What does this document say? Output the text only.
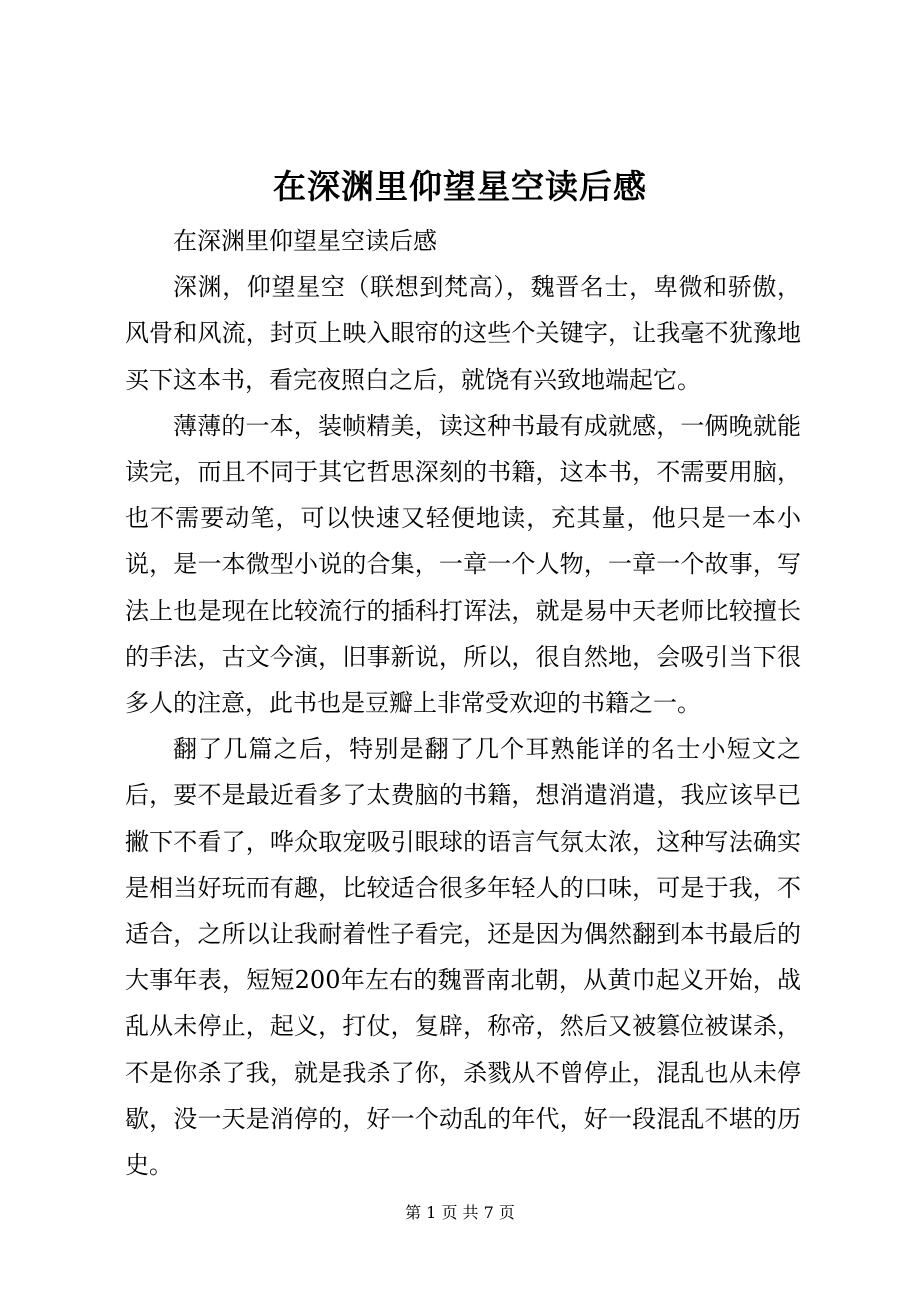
在深渊里仰望星空读后感

在深渊里仰望星空读后感

深渊，仰望星空（联想到梵高），魏晋名士，卑微和骄傲，风骨和风流，封页上映入眼帘的这些个关键字，让我毫不犹豫地买下这本书，看完夜照白之后，就饶有兴致地端起它。

薄薄的一本，装帧精美，读这种书最有成就感，一俩晚就能读完，而且不同于其它哲思深刻的书籍，这本书，不需要用脑，也不需要动笔，可以快速又轻便地读，充其量，他只是一本小说，是一本微型小说的合集，一章一个人物，一章一个故事，写法上也是现在比较流行的插科打诨法，就是易中天老师比较擅长的手法，古文今演，旧事新说，所以，很自然地，会吸引当下很多人的注意，此书也是豆瓣上非常受欢迎的书籍之一。

翻了几篇之后，特别是翻了几个耳熟能详的名士小短文之后，要不是最近看多了太费脑的书籍，想消遣消遣，我应该早已撇下不看了，哗众取宠吸引眼球的语言气氛太浓，这种写法确实是相当好玩而有趣，比较适合很多年轻人的口味，可是于我，不适合，之所以让我耐着性子看完，还是因为偶然翻到本书最后的大事年表，短短200年左右的魏晋南北朝，从黄巾起义开始，战乱从未停止，起义，打仗，复辟，称帝，然后又被篡位被谋杀，不是你杀了我，就是我杀了你，杀戮从不曾停止，混乱也从未停歇，没一天是消停的，好一个动乱的年代，好一段混乱不堪的历史。

第 1 页 共 7 页
